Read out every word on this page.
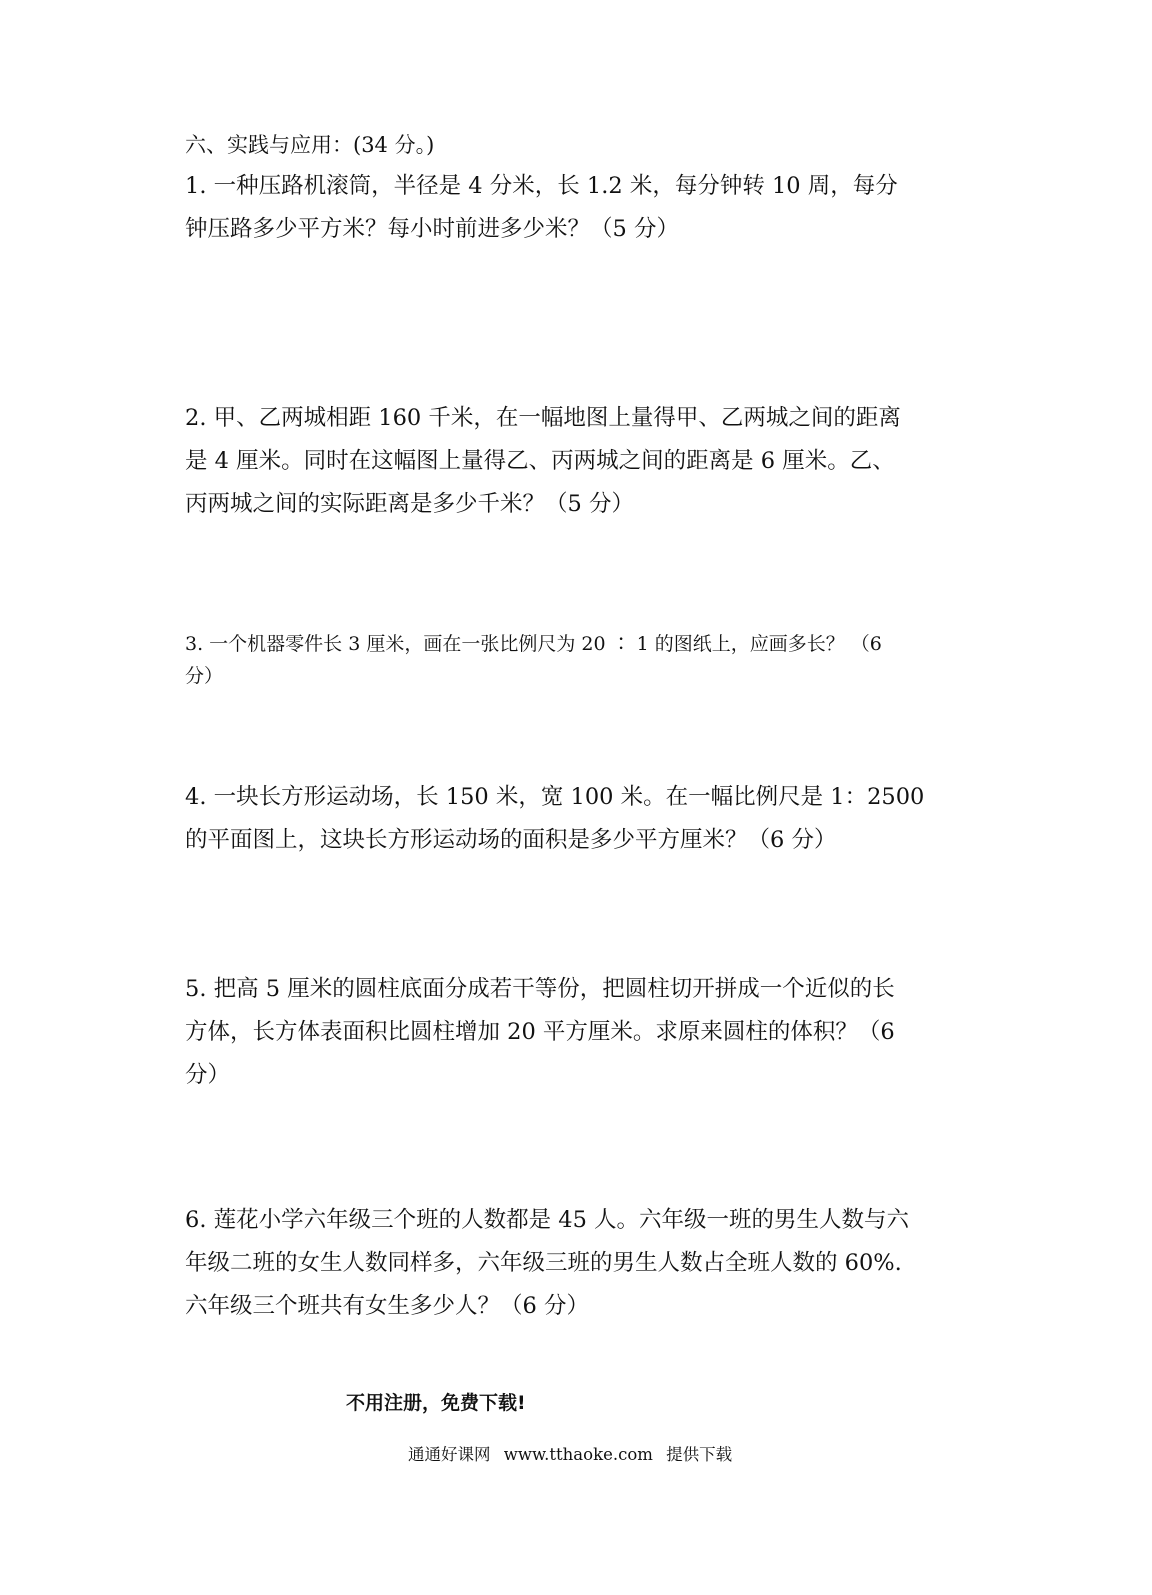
六、实践与应用：(34 分。)
1. 一种压路机滚筒，半径是 4 分米，长 1.2 米，每分钟转 10 周，每分
钟压路多少平方米？每小时前进多少米？（5 分）
2. 甲、乙两城相距 160 千米，在一幅地图上量得甲、乙两城之间的距离
是 4 厘米。同时在这幅图上量得乙、丙两城之间的距离是 6 厘米。乙、
丙两城之间的实际距离是多少千米？（5 分）
3. 一个机器零件长 3 厘米，画在一张比例尺为 20 ∶ 1 的图纸上，应画多长？ （6
分）
4. 一块长方形运动场，长 150 米，宽 100 米。在一幅比例尺是 1：2500
的平面图上，这块长方形运动场的面积是多少平方厘米？（6 分）
5. 把高 5 厘米的圆柱底面分成若干等份，把圆柱切开拼成一个近似的长
方体，长方体表面积比圆柱增加 20 平方厘米。求原来圆柱的体积？（6
分）
6. 莲花小学六年级三个班的人数都是 45 人。六年级一班的男生人数与六
年级二班的女生人数同样多，六年级三班的男生人数占全班人数的 60%.
六年级三个班共有女生多少人？（6 分）
不用注册，免费下载!
通通好课网 www.tthaoke.com 提供下载
